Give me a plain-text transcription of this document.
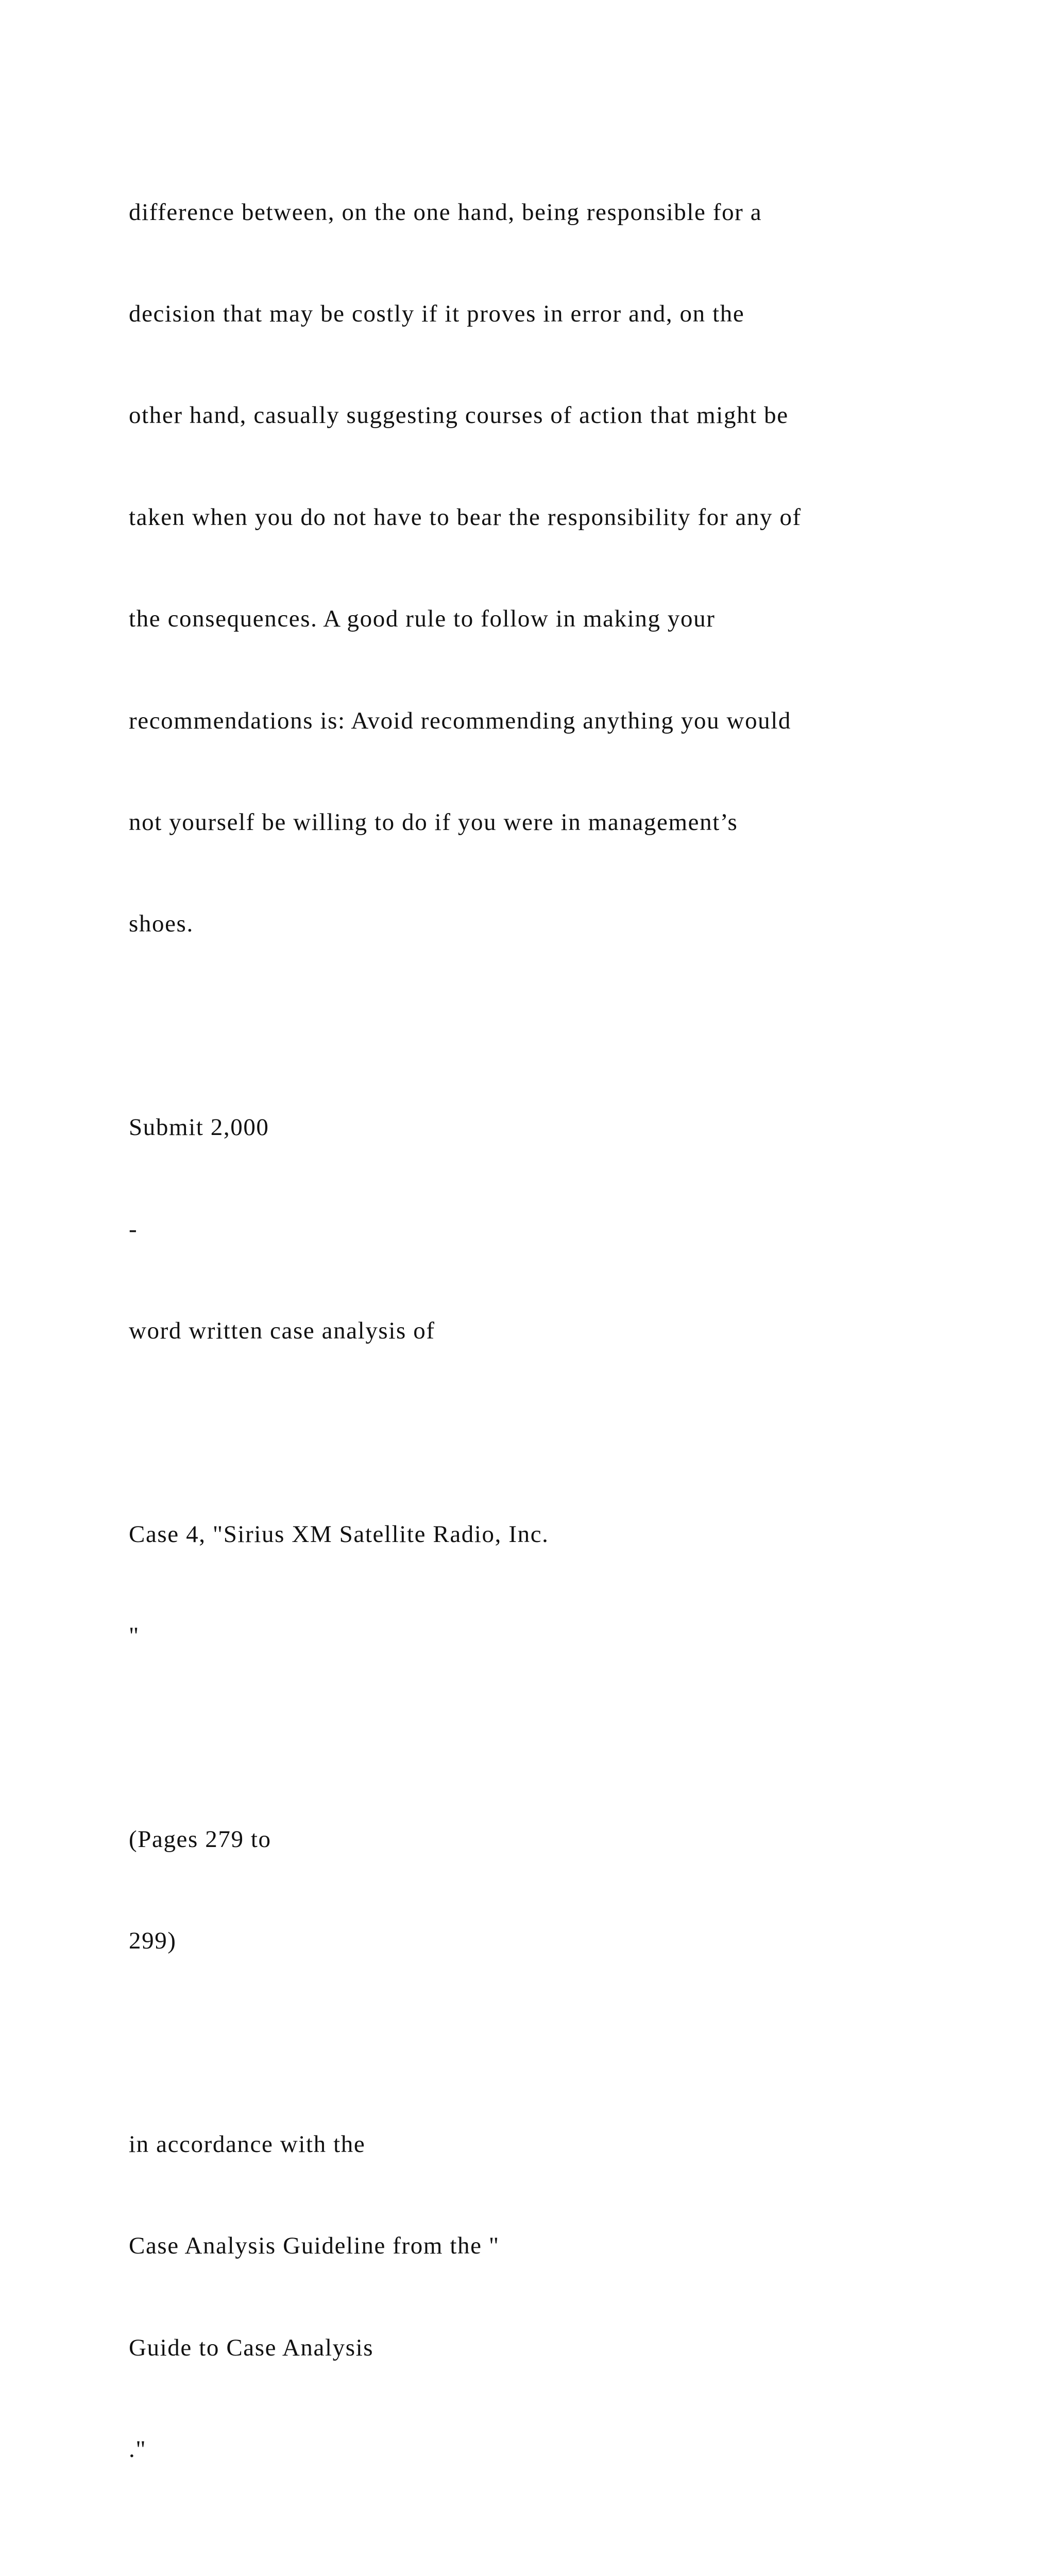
difference between, on the one hand, being responsible for a

decision that may be costly if it proves in error and, on the

other hand, casually suggesting courses of action that might be

taken when you do not have to bear the responsibility for any of

the consequences. A good rule to follow in making your

recommendations is: Avoid recommending anything you would

not yourself be willing to do if you were in management’s

shoes.

Submit 2,000

-

word written case analysis of

Case 4, "Sirius XM Satellite Radio, Inc.

"

(Pages 279 to

299)

in accordance with the

Case Analysis Guideline from the "

Guide to Case Analysis

."
